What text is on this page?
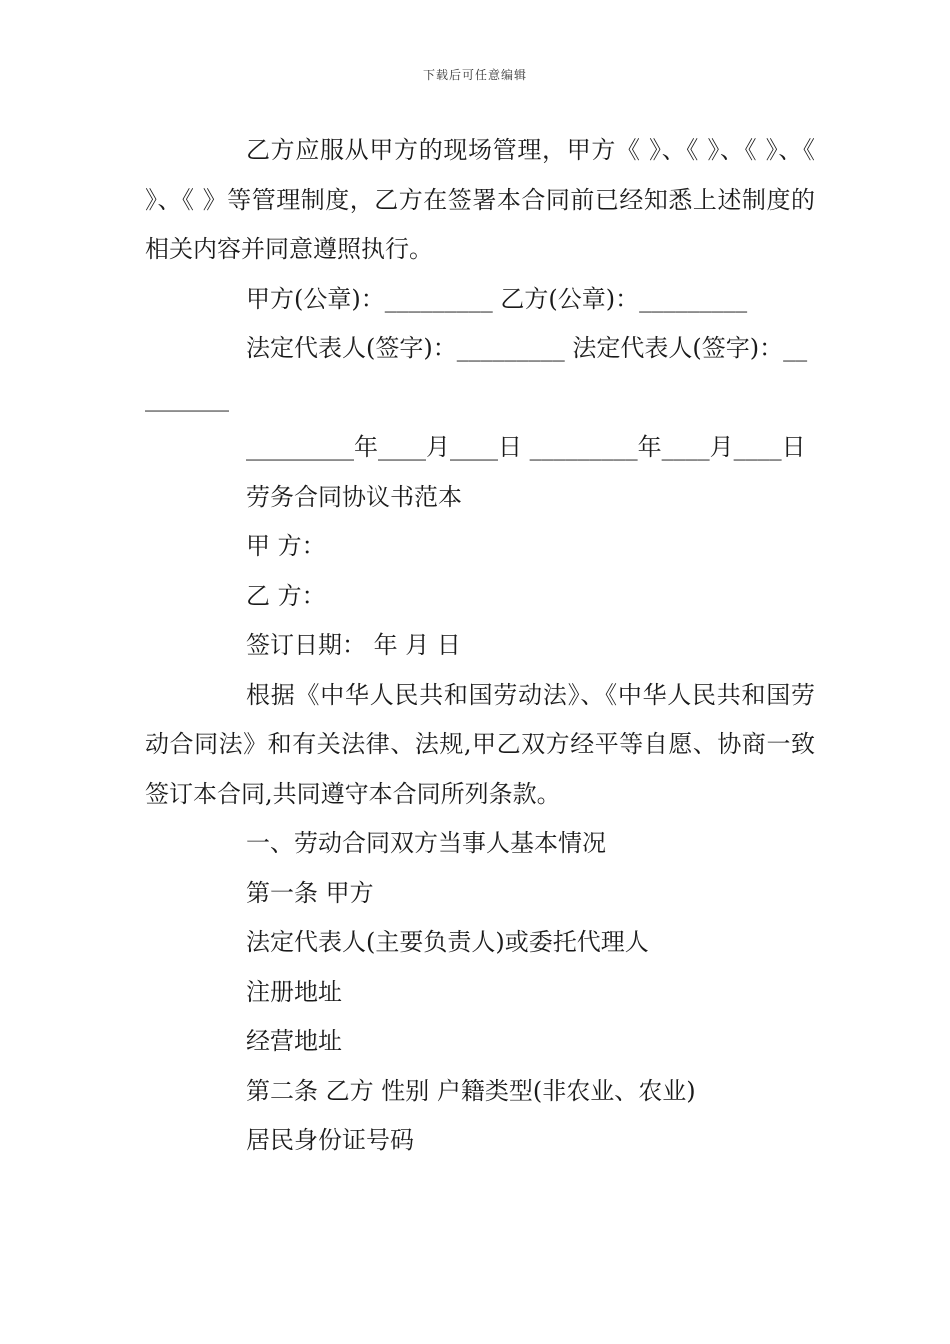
下载后可任意编辑

乙方应服从甲方的现场管理，甲方《 》、《 》、《 》、《 》、《 》等管理制度，乙方在签署本合同前已经知悉上述制度的相关内容并同意遵照执行。

甲方(公章)：_________ 乙方(公章)：_________

法定代表人(签字)：_________ 法定代表人(签字)：_________

_________年____月____日 _________年____月____日

劳务合同协议书范本

甲 方：

乙 方：

签订日期： 年 月 日

根据《中华人民共和国劳动法》、《中华人民共和国劳动合同法》和有关法律、法规,甲乙双方经平等自愿、协商一致签订本合同,共同遵守本合同所列条款。

一、劳动合同双方当事人基本情况

第一条 甲方

法定代表人(主要负责人)或委托代理人

注册地址

经营地址

第二条 乙方 性别 户籍类型(非农业、农业)

居民身份证号码
